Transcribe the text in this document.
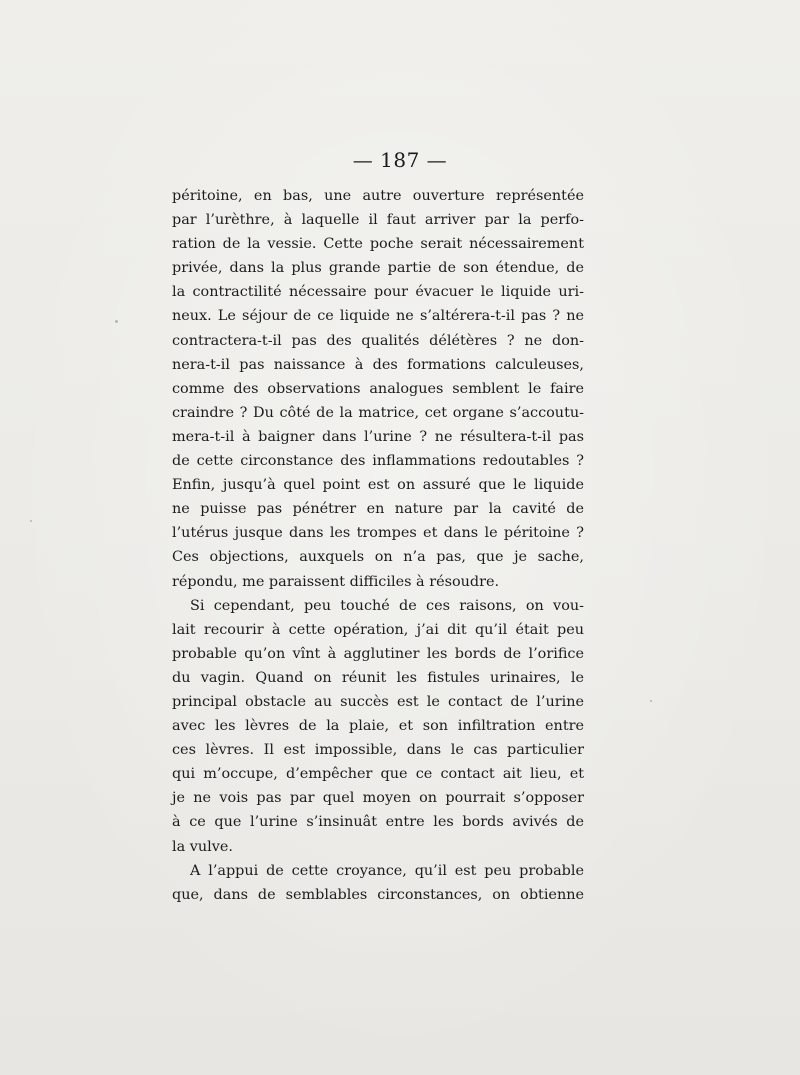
— 187 —
péritoine, en bas, une autre ouverture représentée
par l’urèthre, à laquelle il faut arriver par la perfo-
ration de la vessie. Cette poche serait nécessairement
privée, dans la plus grande partie de son étendue, de
la contractilité nécessaire pour évacuer le liquide uri-
neux. Le séjour de ce liquide ne s’altérera-t-il pas ? ne
contractera-t-il pas des qualités délétères ? ne don-
nera-t-il pas naissance à des formations calculeuses,
comme des observations analogues semblent le faire
craindre ? Du côté de la matrice, cet organe s’accoutu-
mera-t-il à baigner dans l’urine ? ne résultera-t-il pas
de cette circonstance des inflammations redoutables ?
Enfin, jusqu’à quel point est on assuré que le liquide
ne puisse pas pénétrer en nature par la cavité de
l’utérus jusque dans les trompes et dans le péritoine ?
Ces objections, auxquels on n’a pas, que je sache,
répondu, me paraissent difficiles à résoudre.
Si cependant, peu touché de ces raisons, on vou-
lait recourir à cette opération, j’ai dit qu’il était peu
probable qu’on vînt à agglutiner les bords de l’orifice
du vagin. Quand on réunit les fistules urinaires, le
principal obstacle au succès est le contact de l’urine
avec les lèvres de la plaie, et son infiltration entre
ces lèvres. Il est impossible, dans le cas particulier
qui m’occupe, d’empêcher que ce contact ait lieu, et
je ne vois pas par quel moyen on pourrait s’opposer
à ce que l’urine s’insinuât entre les bords avivés de
la vulve.
A l’appui de cette croyance, qu’il est peu probable
que, dans de semblables circonstances, on obtienne
